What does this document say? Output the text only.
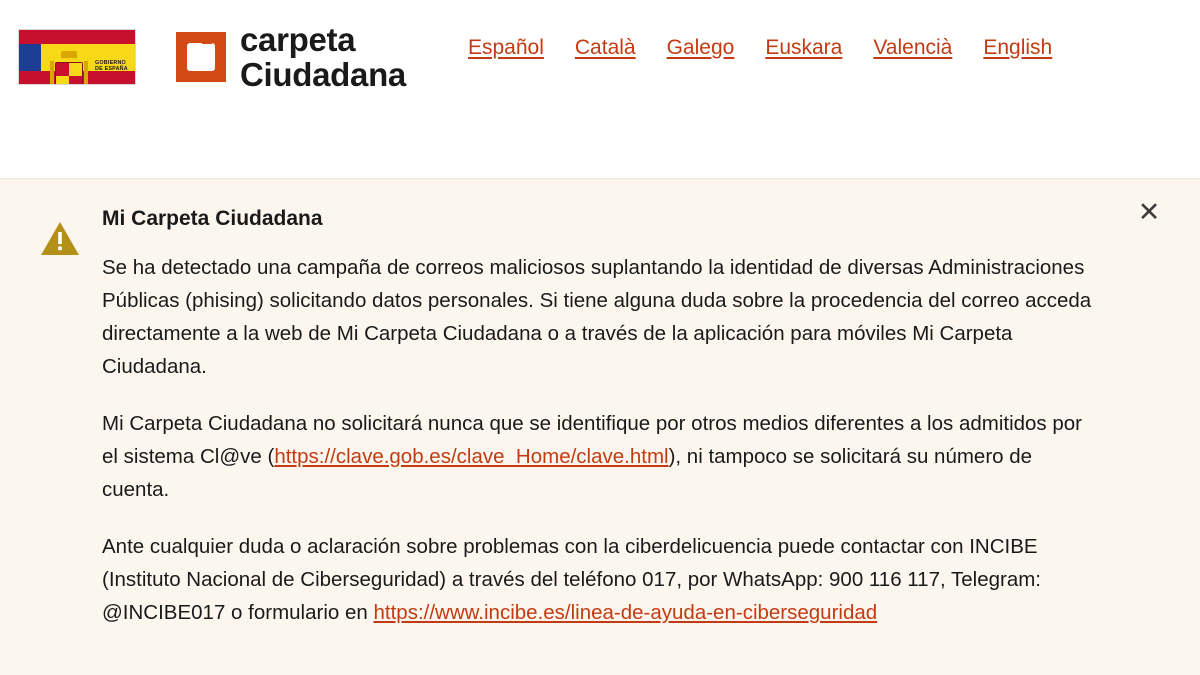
GOBIERNO
DE ESPAÑA
carpeta
Ciudadana
Español Català Galego Euskara Valencià English
Mi Carpeta Ciudadana

Se ha detectado una campaña de correos maliciosos suplantando la identidad de diversas Administraciones Públicas (phising) solicitando datos personales. Si tiene alguna duda sobre la procedencia del correo acceda directamente a la web de Mi Carpeta Ciudadana o a través de la aplicación para móviles Mi Carpeta Ciudadana.

Mi Carpeta Ciudadana no solicitará nunca que se identifique por otros medios diferentes a los admitidos por el sistema Cl@ve (https://clave.gob.es/clave_Home/clave.html), ni tampoco se solicitará su número de cuenta.

Ante cualquier duda o aclaración sobre problemas con la ciberdelicuencia puede contactar con INCIBE (Instituto Nacional de Ciberseguridad) a través del teléfono 017, por WhatsApp: 900 116 117, Telegram: @INCIBE017 o formulario en https://www.incibe.es/linea-de-ayuda-en-ciberseguridad

✕
